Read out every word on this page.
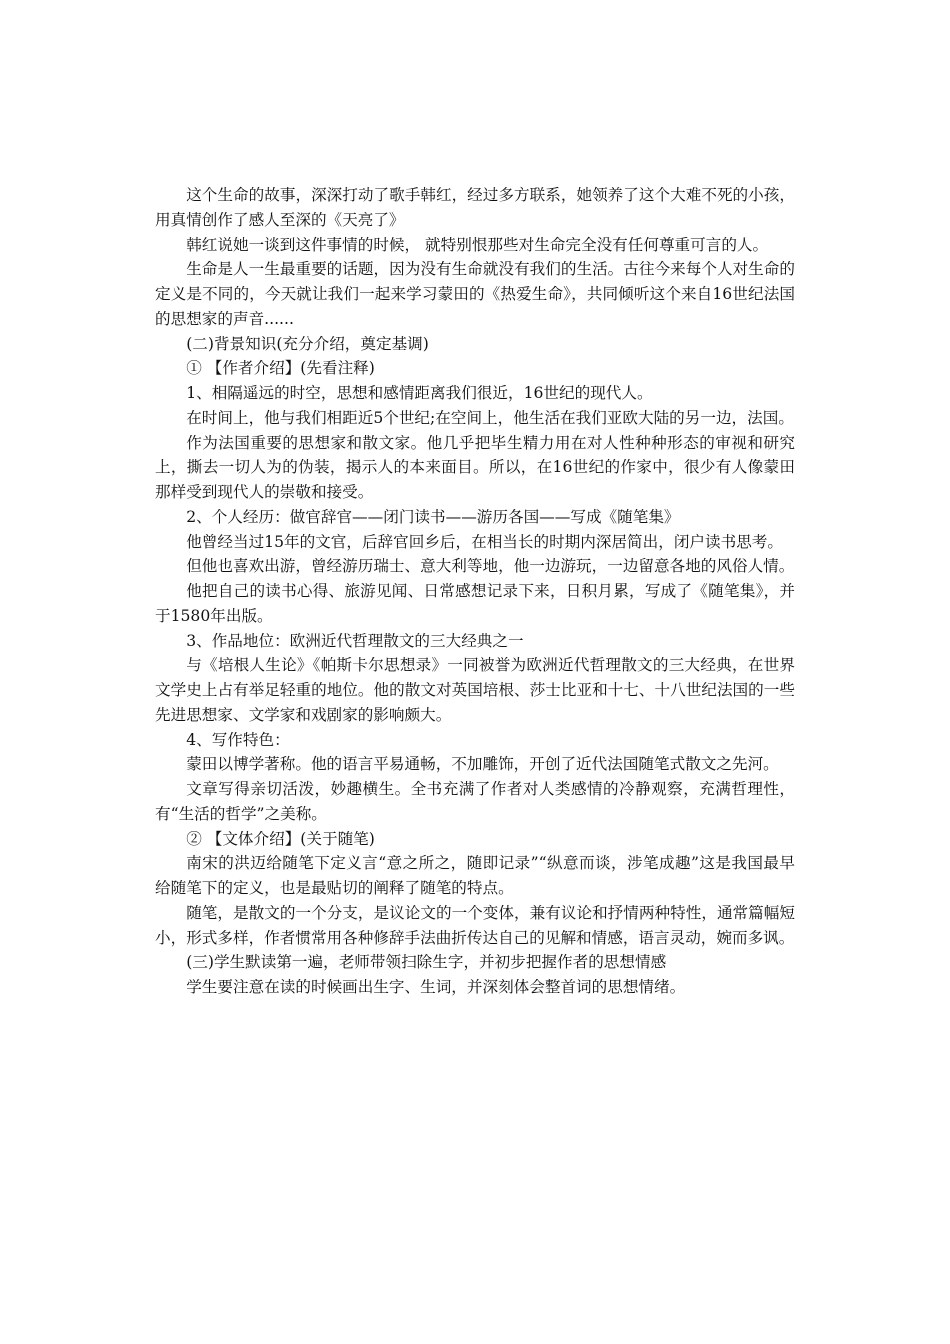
这个生命的故事，深深打动了歌手韩红，经过多方联系，她领养了这个大难不死的小孩，用真情创作了感人至深的《天亮了》

韩红说她一谈到这件事情的时候， 就特别恨那些对生命完全没有任何尊重可言的人。

生命是人一生最重要的话题，因为没有生命就没有我们的生活。古往今来每个人对生命的定义是不同的，今天就让我们一起来学习蒙田的《热爱生命》，共同倾听这个来自16世纪法国的思想家的声音......

(二)背景知识(充分介绍，奠定基调)

① 【作者介绍】(先看注释)

1、相隔遥远的时空，思想和感情距离我们很近，16世纪的现代人。

在时间上，他与我们相距近5个世纪;在空间上，他生活在我们亚欧大陆的另一边，法国。

作为法国重要的思想家和散文家。他几乎把毕生精力用在对人性种种形态的审视和研究上，撕去一切人为的伪装，揭示人的本来面目。所以，在16世纪的作家中，很少有人像蒙田那样受到现代人的崇敬和接受。

2、个人经历：做官辞官——闭门读书——游历各国——写成《随笔集》

他曾经当过15年的文官，后辞官回乡后，在相当长的时期内深居简出，闭户读书思考。

但他也喜欢出游，曾经游历瑞士、意大利等地，他一边游玩，一边留意各地的风俗人情。

他把自己的读书心得、旅游见闻、日常感想记录下来，日积月累，写成了《随笔集》，并于1580年出版。

3、作品地位：欧洲近代哲理散文的三大经典之一

与《培根人生论》《帕斯卡尔思想录》一同被誉为欧洲近代哲理散文的三大经典，在世界文学史上占有举足轻重的地位。他的散文对英国培根、莎士比亚和十七、十八世纪法国的一些先进思想家、文学家和戏剧家的影响颇大。

4、写作特色：

蒙田以博学著称。他的语言平易通畅，不加雕饰，开创了近代法国随笔式散文之先河。

文章写得亲切活泼，妙趣横生。全书充满了作者对人类感情的冷静观察，充满哲理性，有“生活的哲学”之美称。

② 【文体介绍】(关于随笔)

南宋的洪迈给随笔下定义言“意之所之，随即记录”“纵意而谈，涉笔成趣”这是我国最早给随笔下的定义，也是最贴切的阐释了随笔的特点。

随笔，是散文的一个分支，是议论文的一个变体，兼有议论和抒情两种特性，通常篇幅短小，形式多样，作者惯常用各种修辞手法曲折传达自己的见解和情感，语言灵动，婉而多讽。

(三)学生默读第一遍，老师带领扫除生字，并初步把握作者的思想情感

学生要注意在读的时候画出生字、生词，并深刻体会整首词的思想情绪。
